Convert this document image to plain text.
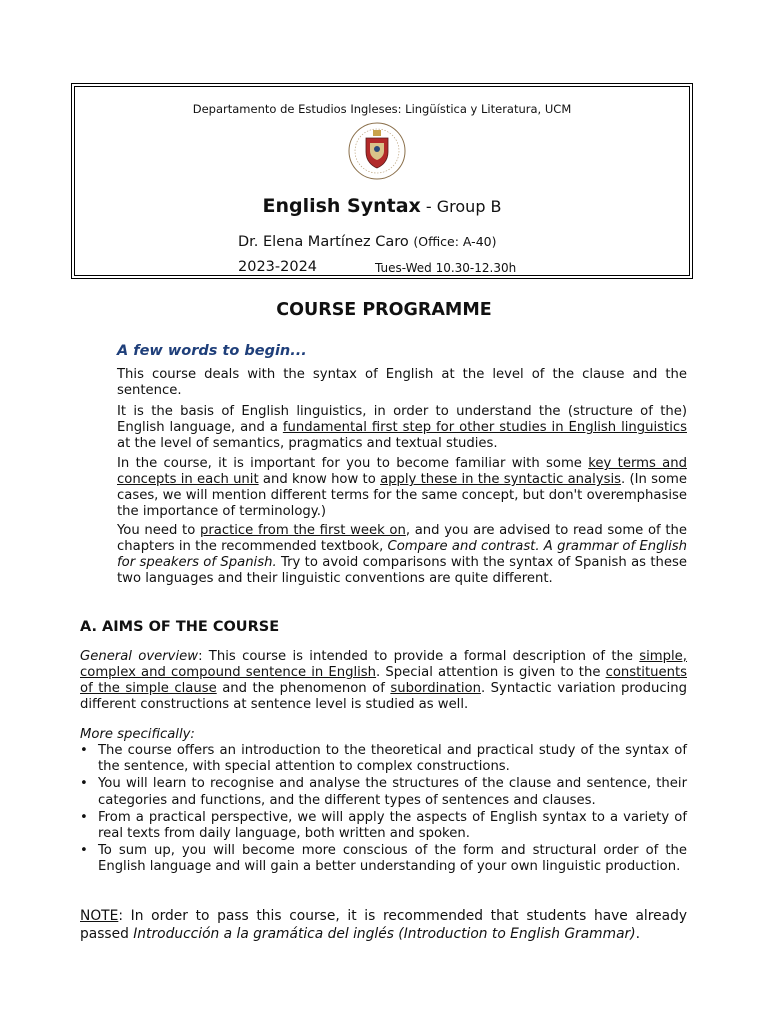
Departamento de Estudios Ingleses: Lingüística y Literatura, UCM
English Syntax - Group B
Dr. Elena Martínez Caro (Office: A-40)
2023-2024	Tues-Wed 10.30-12.30h
COURSE PROGRAMME
A few words to begin...

This course deals with the syntax of English at the level of the clause and the sentence.

It is the basis of English linguistics, in order to understand the (structure of the) English language, and a fundamental first step for other studies in English linguistics at the level of semantics, pragmatics and textual studies.

In the course, it is important for you to become familiar with some key terms and concepts in each unit and know how to apply these in the syntactic analysis. (In some cases, we will mention different terms for the same concept, but don't overemphasise the importance of terminology.)

You need to practice from the first week on, and you are advised to read some of the chapters in the recommended textbook, Compare and contrast. A grammar of English for speakers of Spanish. Try to avoid comparisons with the syntax of Spanish as these two languages and their linguistic conventions are quite different.

A. AIMS OF THE COURSE

General overview: This course is intended to provide a formal description of the simple, complex and compound sentence in English. Special attention is given to the constituents of the simple clause and the phenomenon of subordination. Syntactic variation producing different constructions at sentence level is studied as well.

More specifically:
• The course offers an introduction to the theoretical and practical study of the syntax of the sentence, with special attention to complex constructions.
• You will learn to recognise and analyse the structures of the clause and sentence, their categories and functions, and the different types of sentences and clauses.
• From a practical perspective, we will apply the aspects of English syntax to a variety of real texts from daily language, both written and spoken.
• To sum up, you will become more conscious of the form and structural order of the English language and will gain a better understanding of your own linguistic production.
NOTE: In order to pass this course, it is recommended that students have already passed Introducción a la gramática del inglés (Introduction to English Grammar).
